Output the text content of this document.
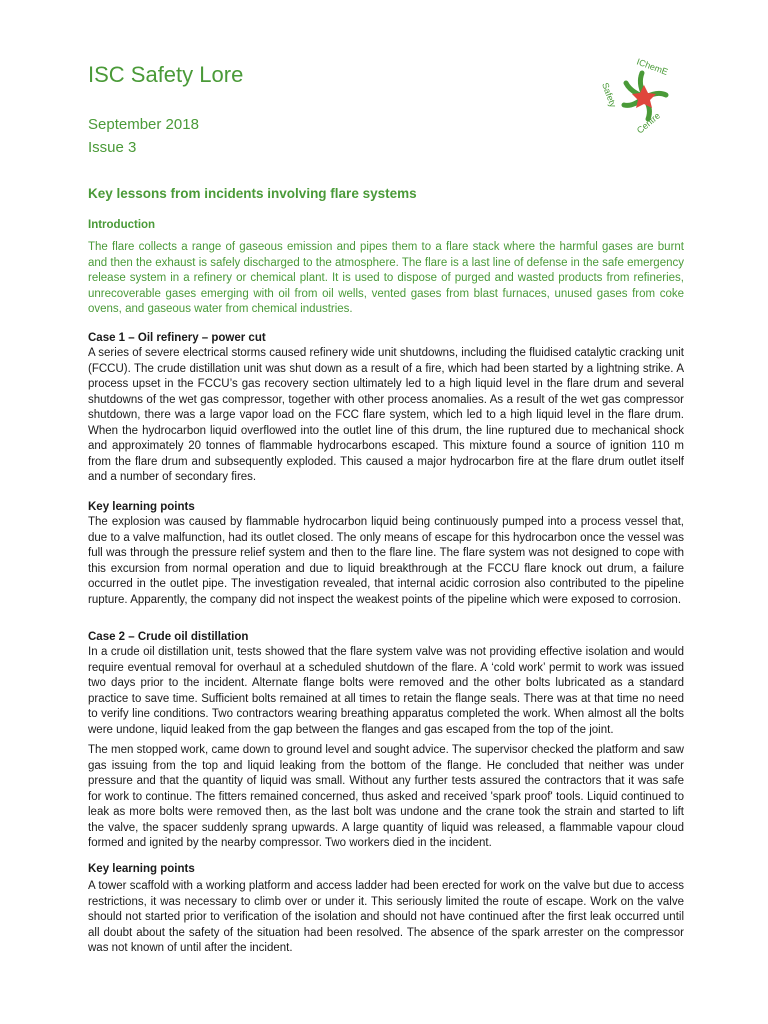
ISC Safety Lore
September 2018
Issue 3
IChemE
Safety
Centre
Key lessons from incidents involving flare systems
Introduction

The flare collects a range of gaseous emission and pipes them to a flare stack where the harmful gases are burnt and then the exhaust is safely discharged to the atmosphere. The flare is a last line of defense in the safe emergency release system in a refinery or chemical plant. It is used to dispose of purged and wasted products from refineries, unrecoverable gases emerging with oil from oil wells, vented gases from blast furnaces, unused gases from coke ovens, and gaseous water from chemical industries.

Case 1 – Oil refinery – power cut

A series of severe electrical storms caused refinery wide unit shutdowns, including the fluidised catalytic cracking unit (FCCU). The crude distillation unit was shut down as a result of a fire, which had been started by a lightning strike. A process upset in the FCCU’s gas recovery section ultimately led to a high liquid level in the flare drum and several shutdowns of the wet gas compressor, together with other process anomalies. As a result of the wet gas compressor shutdown, there was a large vapor load on the FCC flare system, which led to a high liquid level in the flare drum. When the hydrocarbon liquid overflowed into the outlet line of this drum, the line ruptured due to mechanical shock and approximately 20 tonnes of flammable hydrocarbons escaped. This mixture found a source of ignition 110 m from the flare drum and subsequently exploded. This caused a major hydrocarbon fire at the flare drum outlet itself and a number of secondary fires.

Key learning points

The explosion was caused by flammable hydrocarbon liquid being continuously pumped into a process vessel that, due to a valve malfunction, had its outlet closed. The only means of escape for this hydrocarbon once the vessel was full was through the pressure relief system and then to the flare line. The flare system was not designed to cope with this excursion from normal operation and due to liquid breakthrough at the FCCU flare knock out drum, a failure occurred in the outlet pipe. The investigation revealed, that internal acidic corrosion also contributed to the pipeline rupture. Apparently, the company did not inspect the weakest points of the pipeline which were exposed to corrosion.

Case 2 – Crude oil distillation

In a crude oil distillation unit, tests showed that the flare system valve was not providing effective isolation and would require eventual removal for overhaul at a scheduled shutdown of the flare. A ‘cold work’ permit to work was issued two days prior to the incident. Alternate flange bolts were removed and the other bolts lubricated as a standard practice to save time. Sufficient bolts remained at all times to retain the flange seals. There was at that time no need to verify line conditions. Two contractors wearing breathing apparatus completed the work. When almost all the bolts were undone, liquid leaked from the gap between the flanges and gas escaped from the top of the joint.

The men stopped work, came down to ground level and sought advice. The supervisor checked the platform and saw gas issuing from the top and liquid leaking from the bottom of the flange. He concluded that neither was under pressure and that the quantity of liquid was small. Without any further tests assured the contractors that it was safe for work to continue. The fitters remained concerned, thus asked and received 'spark proof' tools. Liquid continued to leak as more bolts were removed then, as the last bolt was undone and the crane took the strain and started to lift the valve, the spacer suddenly sprang upwards. A large quantity of liquid was released, a flammable vapour cloud formed and ignited by the nearby compressor. Two workers died in the incident.

Key learning points

A tower scaffold with a working platform and access ladder had been erected for work on the valve but due to access restrictions, it was necessary to climb over or under it. This seriously limited the route of escape. Work on the valve should not started prior to verification of the isolation and should not have continued after the first leak occurred until all doubt about the safety of the situation had been resolved. The absence of the spark arrester on the compressor was not known of until after the incident.
